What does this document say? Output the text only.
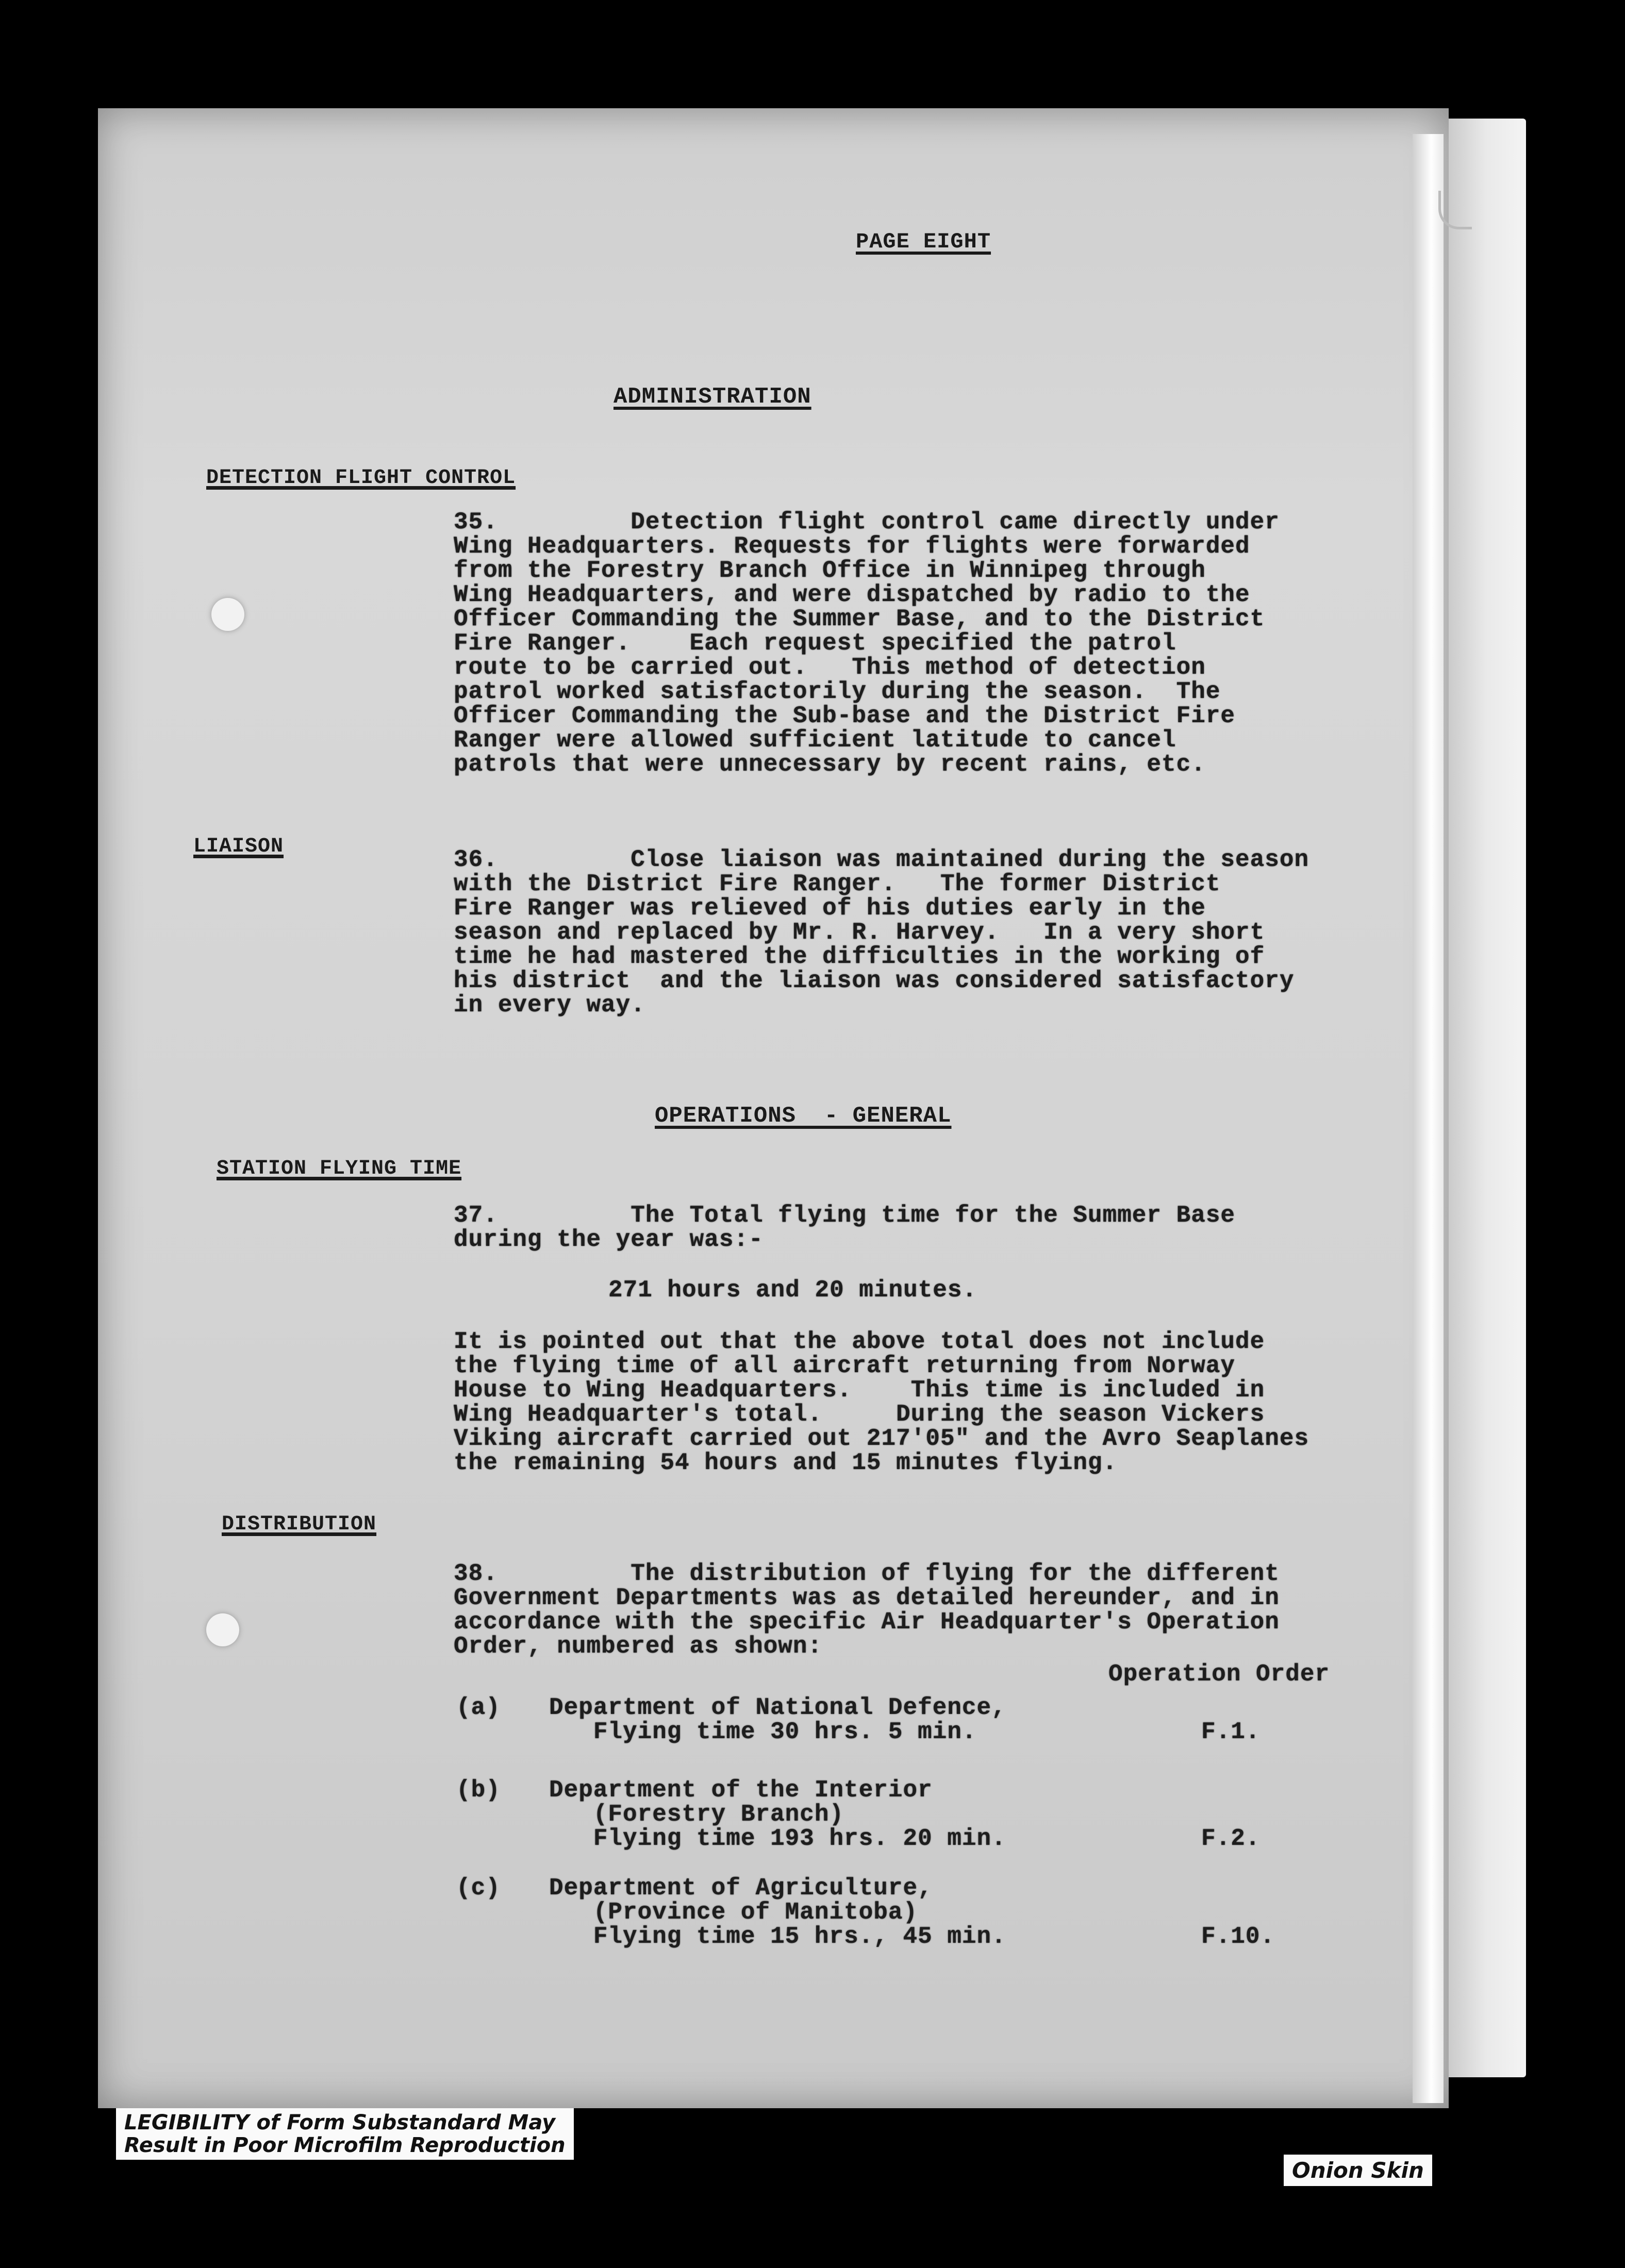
PAGE EIGHT
ADMINISTRATION
DETECTION FLIGHT CONTROL
35.         Detection flight control came directly under
Wing Headquarters. Requests for flights were forwarded
from the Forestry Branch Office in Winnipeg through
Wing Headquarters, and were dispatched by radio to the
Officer Commanding the Summer Base, and to the District
Fire Ranger.    Each request specified the patrol
route to be carried out.   This method of detection
patrol worked satisfactorily during the season.  The
Officer Commanding the Sub-base and the District Fire
Ranger were allowed sufficient latitude to cancel
patrols that were unnecessary by recent rains, etc.
LIAISON	36.         Close liaison was maintained during the season
with the District Fire Ranger.   The former District
Fire Ranger was relieved of his duties early in the
season and replaced by Mr. R. Harvey.   In a very short
time he had mastered the difficulties in the working of
his district  and the liaison was considered satisfactory
in every way.
OPERATIONS  - GENERAL
STATION FLYING TIME
37.         The Total flying time for the Summer Base
during the year was:-
271 hours and 20 minutes.
It is pointed out that the above total does not include
the flying time of all aircraft returning from Norway
House to Wing Headquarters.    This time is included in
Wing Headquarter's total.     During the season Vickers
Viking aircraft carried out 217'05" and the Avro Seaplanes
the remaining 54 hours and 15 minutes flying.
DISTRIBUTION
38.         The distribution of flying for the different
Government Departments was as detailed hereunder, and in
accordance with the specific Air Headquarter's Operation
Order, numbered as shown:
Operation Order
(a) Department of National Defence,
Flying time 30 hrs. 5 min.	F.1.
(b) Department of the Interior
(Forestry Branch)
Flying time 193 hrs. 20 min.	F.2.
(c) Department of Agriculture,
(Province of Manitoba)
Flying time 15 hrs., 45 min.	F.10.
LEGIBILITY of Form Substandard May
Result in Poor Microfilm Reproduction
Onion Skin
